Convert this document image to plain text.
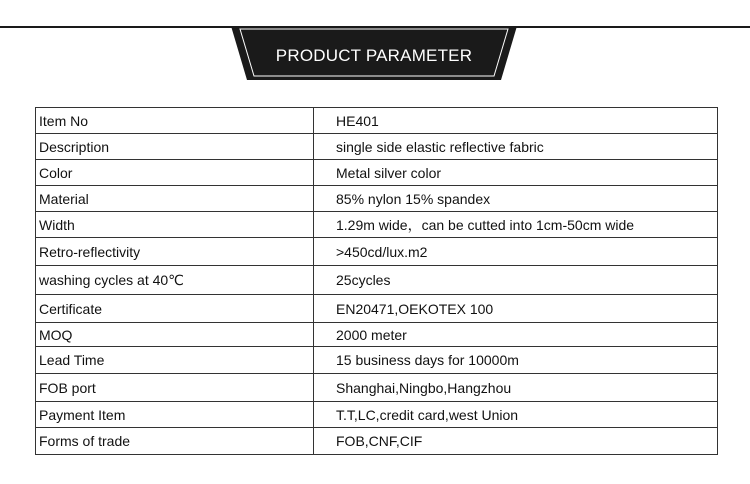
PRODUCT PARAMETER
Item No	HE401
Description	single side elastic reflective fabric
Color	Metal silver color
Material	85% nylon 15% spandex
Width	1.29m wide，can be cutted into 1cm-50cm wide
Retro-reflectivity	>450cd/lux.m2
washing cycles at 40℃	25cycles
Certificate	EN20471,OEKOTEX 100
MOQ	2000 meter
Lead Time	15 business days for 10000m
FOB port	Shanghai,Ningbo,Hangzhou
Payment Item	T.T,LC,credit card,west Union
Forms of trade	FOB,CNF,CIF
